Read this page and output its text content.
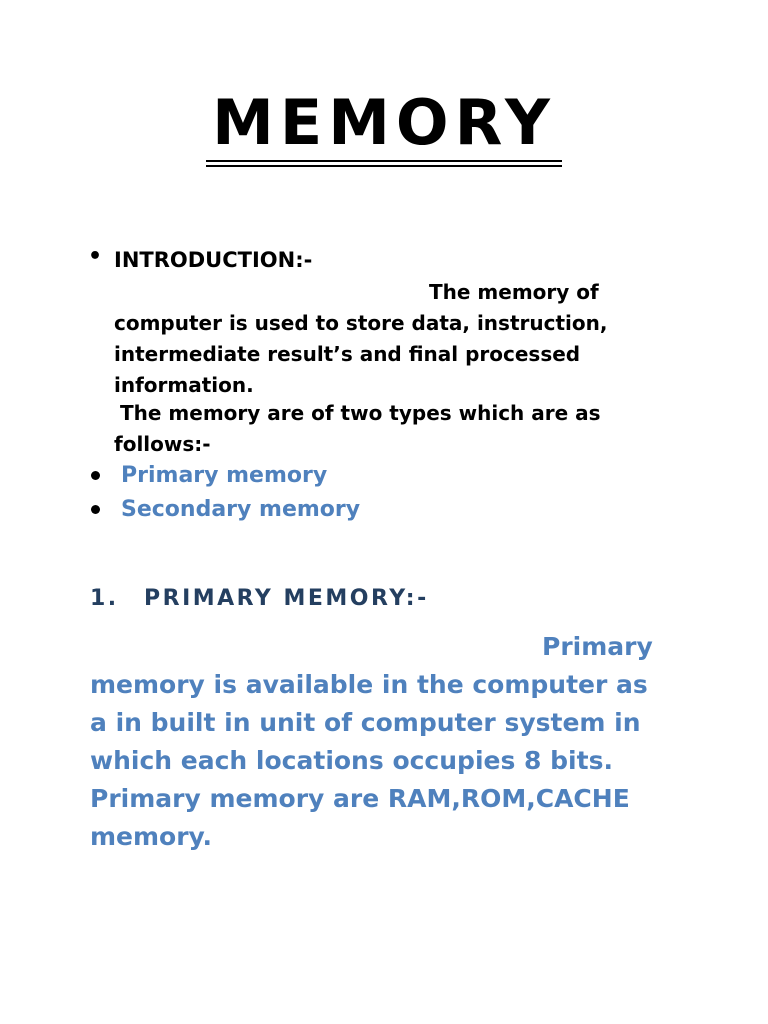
MEMORY
• INTRODUCTION:-

The memory of computer is used to store data, instruction, intermediate result’s and final processed information.

The memory are of two types which are as follows:-

Primary memory
Secondary memory
1.	PRIMARY MEMORY:-

Primary memory is available in the computer as a in built in unit of computer system in which each locations occupies 8 bits. Primary memory are RAM,ROM,CACHE memory.
